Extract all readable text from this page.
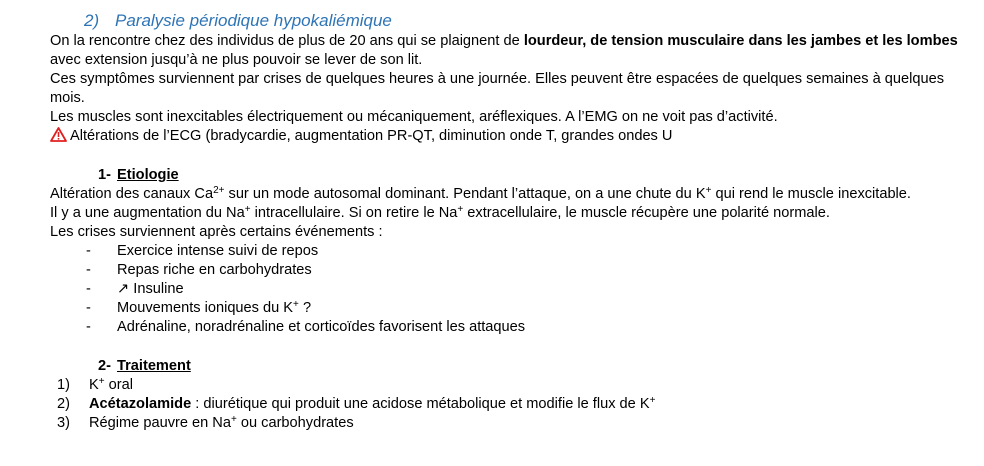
2) Paralysie périodique hypokaliémique

On la rencontre chez des individus de plus de 20 ans qui se plaignent de lourdeur, de tension musculaire dans les jambes et les lombes avec extension jusqu’à ne plus pouvoir se lever de son lit.

Ces symptômes surviennent par crises de quelques heures à une journée. Elles peuvent être espacées de quelques semaines à quelques mois.

Les muscles sont inexcitables électriquement ou mécaniquement, aréflexiques. A l’EMG on ne voit pas d’activité.

Altérations de l’ECG (bradycardie, augmentation PR-QT, diminution onde T, grandes ondes U

1- Etiologie

Altération des canaux $Ca^{2+}$ sur un mode autosomal dominant. Pendant l’attaque, on a une chute du K+ qui rend le muscle inexcitable.

Il y a une augmentation du Na+ intracellulaire. Si on retire le Na+ extracellulaire, le muscle récupère une polarité normale.

Les crises surviennent après certains événements :

- Exercice intense suivi de repos
- Repas riche en carbohydrates
- ↗ Insuline
- Mouvements ioniques du K+ ?
- Adrénaline, noradrénaline et corticoïdes favorisent les attaques

2- Traitement

1) K+ oral
2) Acétazolamide : diurétique qui produit une acidose métabolique et modifie le flux de K+
3) Régime pauvre en Na+ ou carbohydrates
